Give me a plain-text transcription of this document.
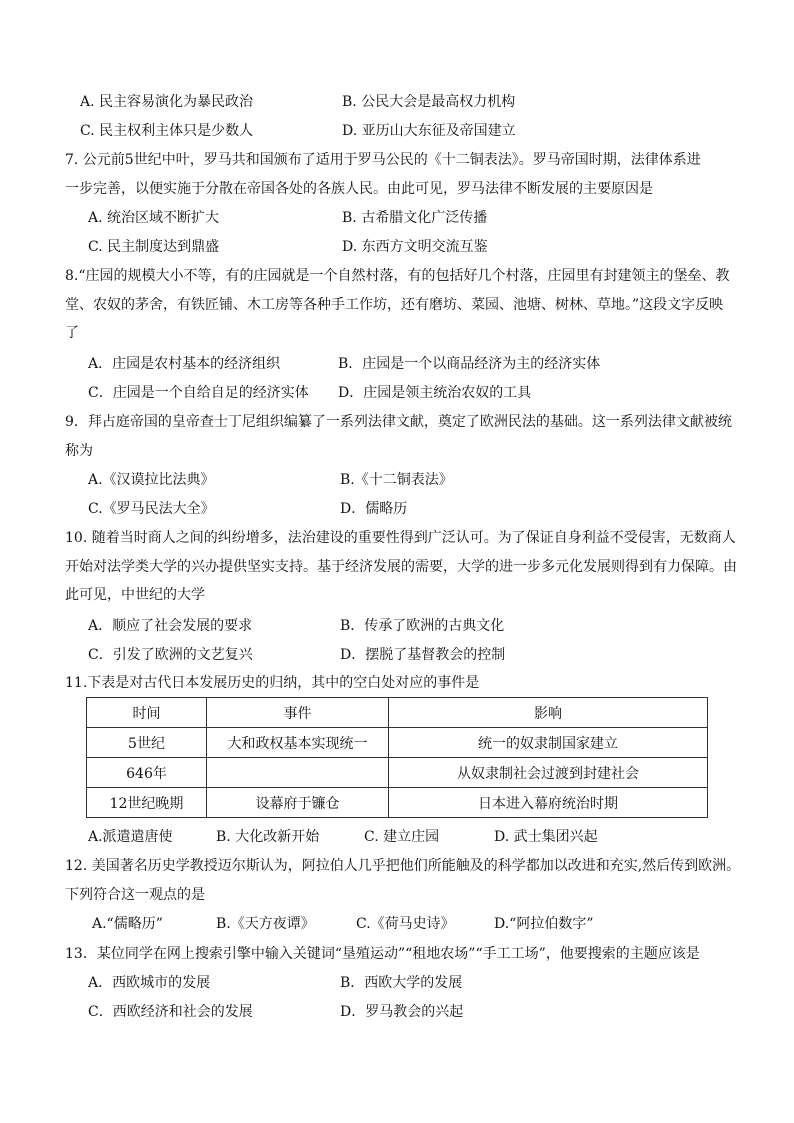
A. 民主容易演化为暴民政治	B. 公民大会是最高权力机构
C. 民主权利主体只是少数人	D. 亚历山大东征及帝国建立
7. 公元前5世纪中叶，罗马共和国颁布了适用于罗马公民的《十二铜表法》。罗马帝国时期，法律体系进
一步完善，以便实施于分散在帝国各处的各族人民。由此可见，罗马法律不断发展的主要原因是
A. 统治区域不断扩大	B. 古希腊文化广泛传播
C. 民主制度达到鼎盛	D. 东西方文明交流互鉴
8.“庄园的规模大小不等，有的庄园就是一个自然村落，有的包括好几个村落，庄园里有封建领主的堡垒、教
堂、农奴的茅舍，有铁匠铺、木工房等各种手工作坊，还有磨坊、菜园、池塘、树林、草地。”这段文字反映
了
A．庄园是农村基本的经济组织	B．庄园是一个以商品经济为主的经济实体
C．庄园是一个自给自足的经济实体 D．庄园是领主统治农奴的工具
9．拜占庭帝国的皇帝查士丁尼组织编纂了一系列法律文献，奠定了欧洲民法的基础。这一系列法律文献被统
称为
A.《汉谟拉比法典》	B.《十二铜表法》
C.《罗马民法大全》	D．儒略历
10. 随着当时商人之间的纠纷增多，法治建设的重要性得到广泛认可。为了保证自身利益不受侵害，无数商人
开始对法学类大学的兴办提供坚实支持。基于经济发展的需要，大学的进一步多元化发展则得到有力保障。由
此可见，中世纪的大学
A．顺应了社会发展的要求	B．传承了欧洲的古典文化
C．引发了欧洲的文艺复兴	D．摆脱了基督教会的控制
11.下表是对古代日本发展历史的归纳，其中的空白处对应的事件是
时间	事件	影响
5世纪	大和政权基本实现统一	统一的奴隶制国家建立
646年		从奴隶制社会过渡到封建社会
12世纪晚期	设幕府于镰仓	日本进入幕府统治时期
A.派遣遣唐使	B. 大化改新开始	C. 建立庄园	D. 武士集团兴起
12. 美国著名历史学教授迈尔斯认为，阿拉伯人几乎把他们所能触及的科学都加以改进和充实,然后传到欧洲。
下列符合这一观点的是
A.“儒略历”	B.《天方夜谭》	C.《荷马史诗》	D.“阿拉伯数字”
13．某位同学在网上搜索引擎中输入关键词“垦殖运动”“租地农场”“手工工场”，他要搜索的主题应该是
A．西欧城市的发展	B．西欧大学的发展
C．西欧经济和社会的发展	D．罗马教会的兴起
